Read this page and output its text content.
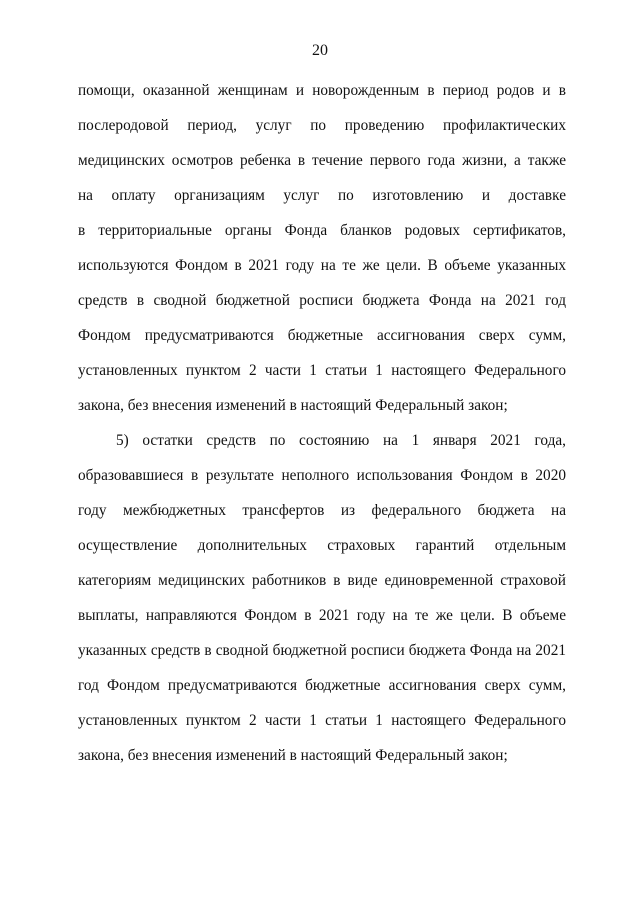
20
помощи, оказанной женщинам и новорожденным в период родов и в
послеродовой период, услуг по проведению профилактических
медицинских осмотров ребенка в течение первого года жизни, а также
на оплату организациям услуг по изготовлению и доставке
в территориальные органы Фонда бланков родовых сертификатов,
используются Фондом в 2021 году на те же цели. В объеме указанных
средств в сводной бюджетной росписи бюджета Фонда на 2021 год
Фондом предусматриваются бюджетные ассигнования сверх сумм,
установленных пунктом 2 части 1 статьи 1 настоящего Федерального
закона, без внесения изменений в настоящий Федеральный закон;
5) остатки средств по состоянию на 1 января 2021 года,
образовавшиеся в результате неполного использования Фондом в 2020
году межбюджетных трансфертов из федерального бюджета на
осуществление дополнительных страховых гарантий отдельным
категориям медицинских работников в виде единовременной страховой
выплаты, направляются Фондом в 2021 году на те же цели. В объеме
указанных средств в сводной бюджетной росписи бюджета Фонда на 2021
год Фондом предусматриваются бюджетные ассигнования сверх сумм,
установленных пунктом 2 части 1 статьи 1 настоящего Федерального
закона, без внесения изменений в настоящий Федеральный закон;
